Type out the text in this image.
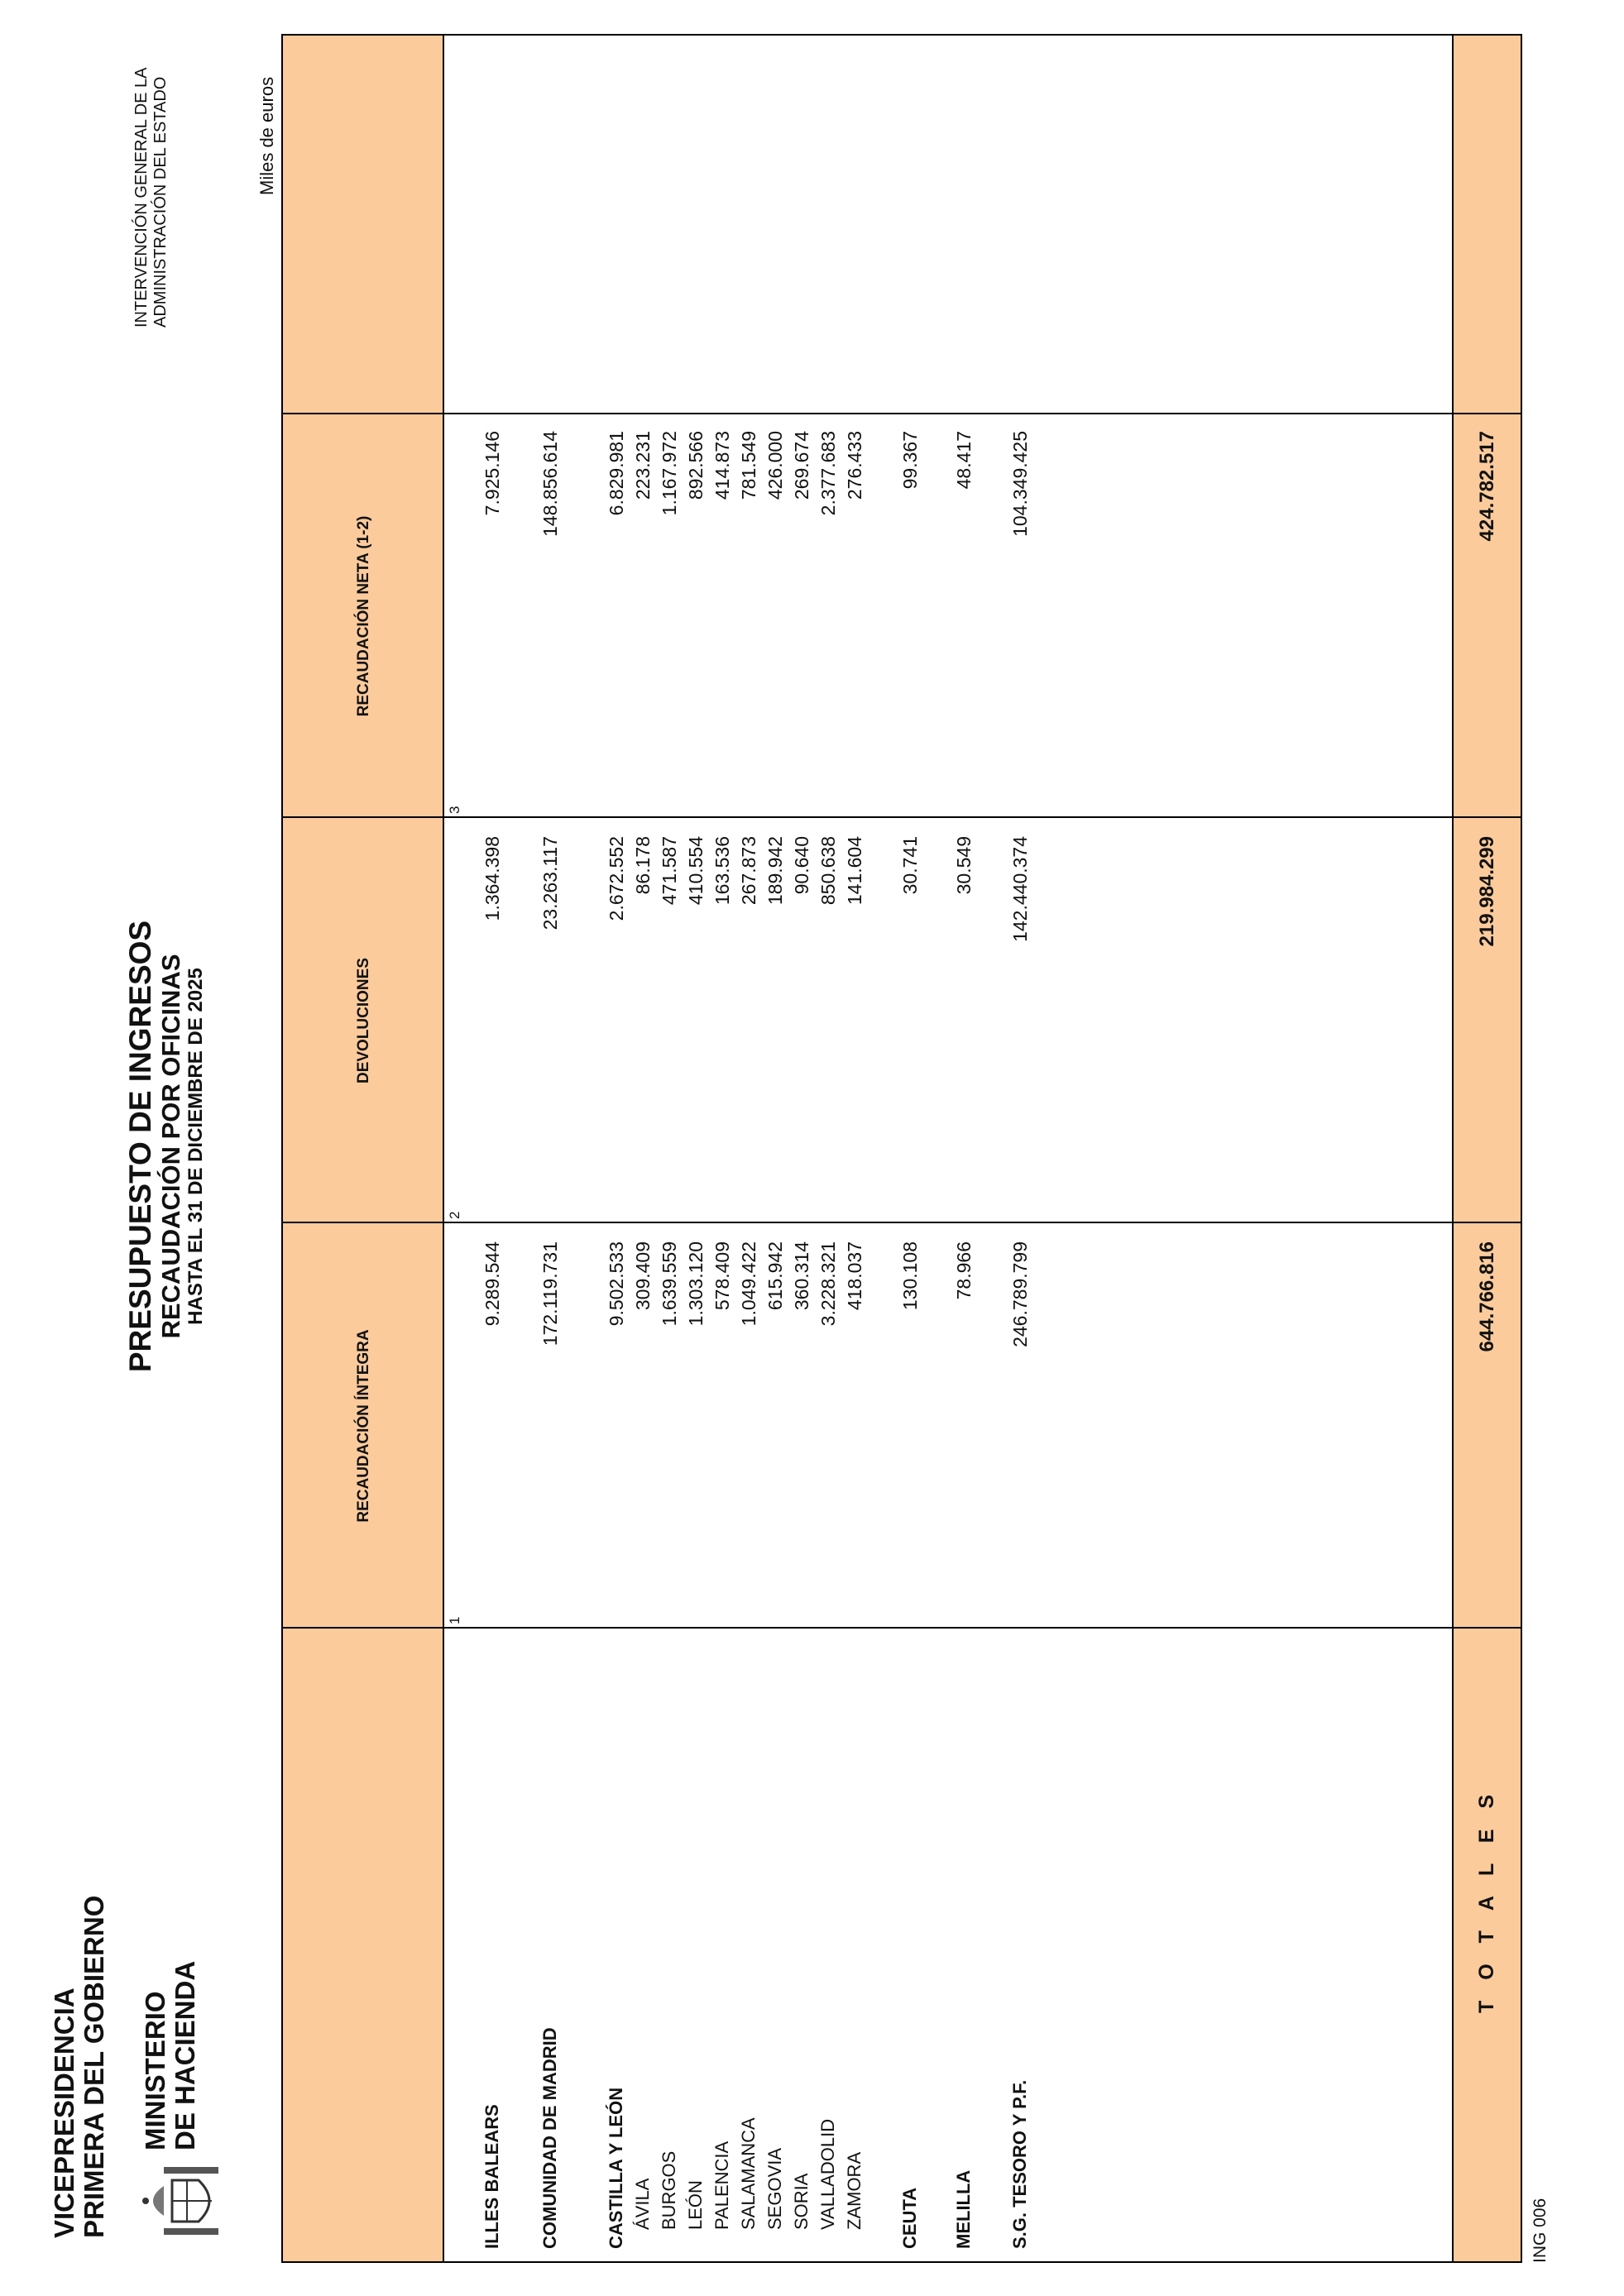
VICEPRESIDENCIA PRIMERA DEL GOBIERNO MINISTERIO DE HACIENDA
PRESUPUESTO DE INGRESOS RECAUDACIÓN POR OFICINAS HASTA EL 31 DE DICIEMBRE DE 2025
INTERVENCIÓN GENERAL DE LA ADMINISTRACIÓN DEL ESTADO	Miles de euros
ING 006
RECAUDACIÓN ÍNTEGRA
DEVOLUCIONES
RECAUDACIÓN NETA (1-2)
1
2
3
ILLES BALEARS
9.289.544
1.364.398
7.925.146
COMUNIDAD DE MADRID
172.119.731
23.263.117
148.856.614
CASTILLA Y LEÓN
9.502.533
2.672.552
6.829.981
ÁVILA
309.409
86.178
223.231
BURGOS
1.639.559
471.587
1.167.972
LEÓN
1.303.120
410.554
892.566
PALENCIA
578.409
163.536
414.873
SALAMANCA
1.049.422
267.873
781.549
SEGOVIA
615.942
189.942
426.000
SORIA
360.314
90.640
269.674
VALLADOLID
3.228.321
850.638
2.377.683
ZAMORA
418.037
141.604
276.433
CEUTA
130.108
30.741
99.367
MELILLA
78.966
30.549
48.417
S.G. TESORO Y P.F.
246.789.799
142.440.374
104.349.425
T O T A L E S
644.766.816
219.984.299
424.782.517
